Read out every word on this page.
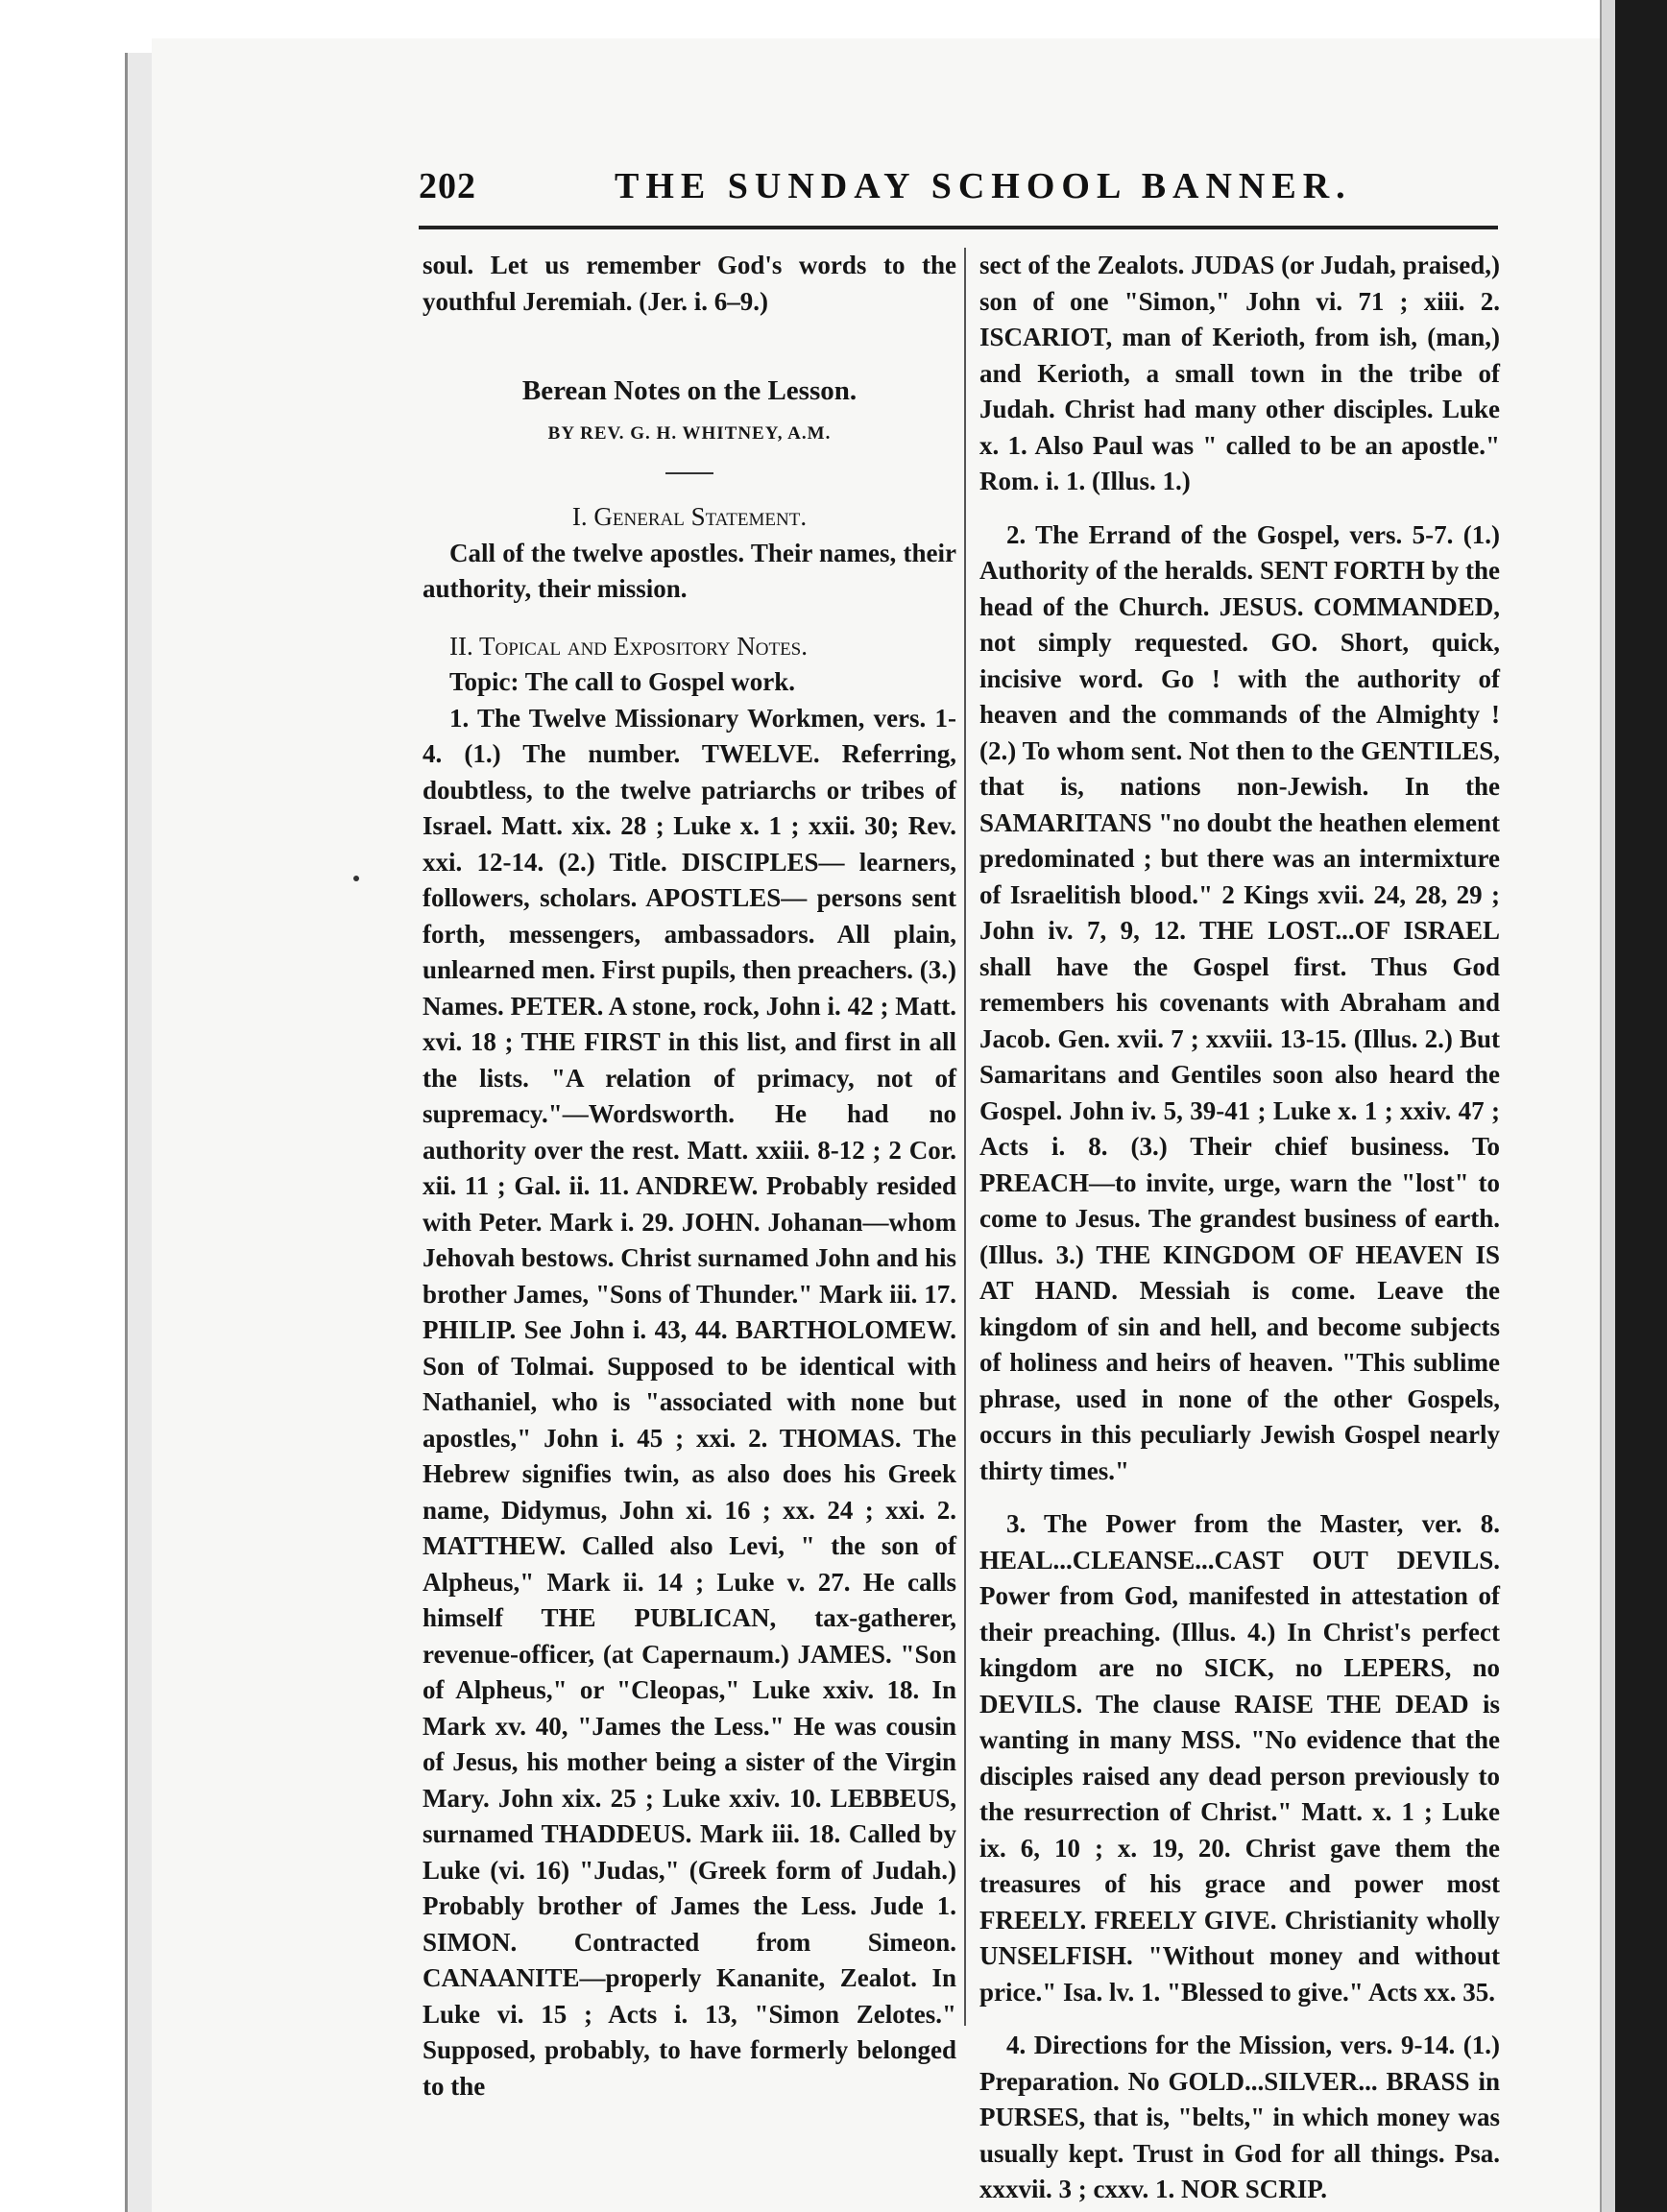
202	THE SUNDAY SCHOOL BANNER.

soul. Let us remember God's words to the youthful Jeremiah. (Jer. i. 6–9.)

Berean Notes on the Lesson.

BY REV. G. H. WHITNEY, A.M.

I. General Statement.

Call of the twelve apostles. Their names, their authority, their mission.

II. Topical and Expository Notes.

Topic: The call to Gospel work.

1. The Twelve Missionary Workmen, vers. 1-4. (1.) The number. TWELVE. Referring, doubtless, to the twelve patriarchs or tribes of Israel. Matt. xix. 28 ; Luke x. 1 ; xxii. 30; Rev. xxi. 12-14. (2.) Title. DISCIPLES— learners, followers, scholars. APOSTLES— persons sent forth, messengers, ambassadors. All plain, unlearned men. First pupils, then preachers. (3.) Names. PETER. A stone, rock, John i. 42 ; Matt. xvi. 18 ; THE FIRST in this list, and first in all the lists. "A relation of primacy, not of supremacy."—Wordsworth. He had no authority over the rest. Matt. xxiii. 8-12 ; 2 Cor. xii. 11 ; Gal. ii. 11. ANDREW. Probably resided with Peter. Mark i. 29. JOHN. Johanan—whom Jehovah bestows. Christ surnamed John and his brother James, "Sons of Thunder." Mark iii. 17. PHILIP. See John i. 43, 44. BARTHOLOMEW. Son of Tolmai. Supposed to be identical with Nathaniel, who is "associated with none but apostles," John i. 45 ; xxi. 2. THOMAS. The Hebrew signifies twin, as also does his Greek name, Didymus, John xi. 16 ; xx. 24 ; xxi. 2. MATTHEW. Called also Levi, " the son of Alpheus," Mark ii. 14 ; Luke v. 27. He calls himself THE PUBLICAN, tax-gatherer, revenue-officer, (at Capernaum.) JAMES. "Son of Alpheus," or "Cleopas," Luke xxiv. 18. In Mark xv. 40, "James the Less." He was cousin of Jesus, his mother being a sister of the Virgin Mary. John xix. 25 ; Luke xxiv. 10. LEBBEUS, surnamed THADDEUS. Mark iii. 18. Called by Luke (vi. 16) "Judas," (Greek form of Judah.) Probably brother of James the Less. Jude 1. SIMON. Contracted from Simeon. CANAANITE—properly Kananite, Zealot. In Luke vi. 15 ; Acts i. 13, "Simon Zelotes." Supposed, probably, to have formerly belonged to the

sect of the Zealots. JUDAS (or Judah, praised,) son of one "Simon," John vi. 71 ; xiii. 2. ISCARIOT, man of Kerioth, from ish, (man,) and Kerioth, a small town in the tribe of Judah. Christ had many other disciples. Luke x. 1. Also Paul was " called to be an apostle." Rom. i. 1. (Illus. 1.)

2. The Errand of the Gospel, vers. 5-7. (1.) Authority of the heralds. SENT FORTH by the head of the Church. JESUS. COMMANDED, not simply requested. GO. Short, quick, incisive word. Go ! with the authority of heaven and the commands of the Almighty ! (2.) To whom sent. Not then to the GENTILES, that is, nations non-Jewish. In the SAMARITANS "no doubt the heathen element predominated ; but there was an intermixture of Israelitish blood." 2 Kings xvii. 24, 28, 29 ; John iv. 7, 9, 12. THE LOST...OF ISRAEL shall have the Gospel first. Thus God remembers his covenants with Abraham and Jacob. Gen. xvii. 7 ; xxviii. 13-15. (Illus. 2.) But Samaritans and Gentiles soon also heard the Gospel. John iv. 5, 39-41 ; Luke x. 1 ; xxiv. 47 ; Acts i. 8. (3.) Their chief business. To PREACH—to invite, urge, warn the "lost" to come to Jesus. The grandest business of earth. (Illus. 3.) THE KINGDOM OF HEAVEN IS AT HAND. Messiah is come. Leave the kingdom of sin and hell, and become subjects of holiness and heirs of heaven. "This sublime phrase, used in none of the other Gospels, occurs in this peculiarly Jewish Gospel nearly thirty times."

3. The Power from the Master, ver. 8. HEAL...CLEANSE...CAST OUT DEVILS. Power from God, manifested in attestation of their preaching. (Illus. 4.) In Christ's perfect kingdom are no SICK, no LEPERS, no DEVILS. The clause RAISE THE DEAD is wanting in many MSS. "No evidence that the disciples raised any dead person previously to the resurrection of Christ." Matt. x. 1 ; Luke ix. 6, 10 ; x. 19, 20. Christ gave them the treasures of his grace and power most FREELY. FREELY GIVE. Christianity wholly UNSELFISH. "Without money and without price." Isa. lv. 1. "Blessed to give." Acts xx. 35.

4. Directions for the Mission, vers. 9-14. (1.) Preparation. No GOLD...SILVER... BRASS in PURSES, that is, "belts," in which money was usually kept. Trust in God for all things. Psa. xxxvii. 3 ; cxxv. 1. NOR SCRIP.
